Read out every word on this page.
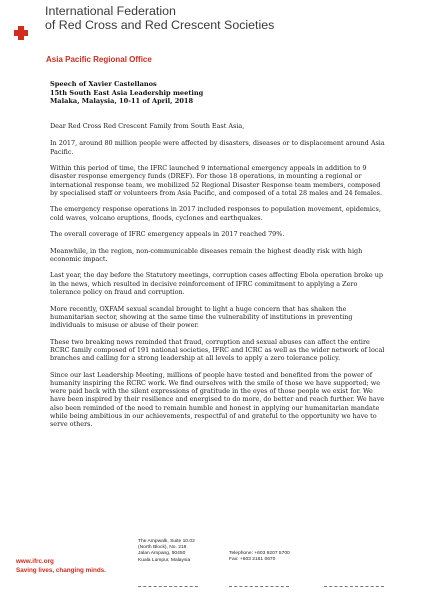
International Federation
of Red Cross and Red Crescent Societies
Asia Pacific Regional Office
Speech of Xavier Castellanos
15th South East Asia Leadership meeting
Malaka, Malaysia, 10-11 of April, 2018

Dear Red Cross Red Crescent Family from South East Asia,

In 2017, around 80 million people were affected by disasters, diseases or to displacement around Asia Pacific.

Within this period of time, the IFRC launched 9 international emergency appeals in addition to 9 disaster response emergency funds (DREF). For those 18 operations, in mounting a regional or international response team, we mobilized 52 Regional Disaster Response team members, composed by specialised staff or volunteers from Asia Pacific, and composed of a total 28 males and 24 females.

The emergency response operations in 2017 included responses to population movement, epidemics, cold waves, volcano eruptions, floods, cyclones and earthquakes.

The overall coverage of IFRC emergency appeals in 2017 reached 79%.

Meanwhile, in the region, non-communicable diseases remain the highest deadly risk with high economic impact.

Last year, the day before the Statutory meetings, corruption cases affecting Ebola operation broke up in the news, which resulted in decisive reinforcement of IFRC commitment to applying a Zero tolerance policy on fraud and corruption.

More recently, OXFAM sexual scandal brought to light a huge concern that has shaken the humanitarian sector, showing at the same time the vulnerability of institutions in preventing individuals to misuse or abuse of their power.

These two breaking news reminded that fraud, corruption and sexual abuses can affect the entire RCRC family composed of 191 national societies, IFRC and ICRC as well as the wider network of local branches and calling for a strong leadership at all levels to apply a zero tolerance policy.

Since our last Leadership Meeting, millions of people have tested and benefited from the power of humanity inspiring the RCRC work. We find ourselves with the smile of those we have supported; we were paid back with the silent expressions of gratitude in the eyes of those people we exist for. We have been inspired by their resilience and energised to do more, do better and reach further. We have also been reminded of the need to remain humble and honest in applying our humanitarian mandate while being ambitious in our achievements, respectful of and grateful to the opportunity we have to serve others.

The Ampwalk, Suite 10.02
(North Block), No. 218
Jalan Ampang, 50450
Kuala Lumpur, Malaysia
Telephone: +603 9207 5700
Fax: +603 2161 0670
www.ifrc.org
Saving lives, changing minds.
